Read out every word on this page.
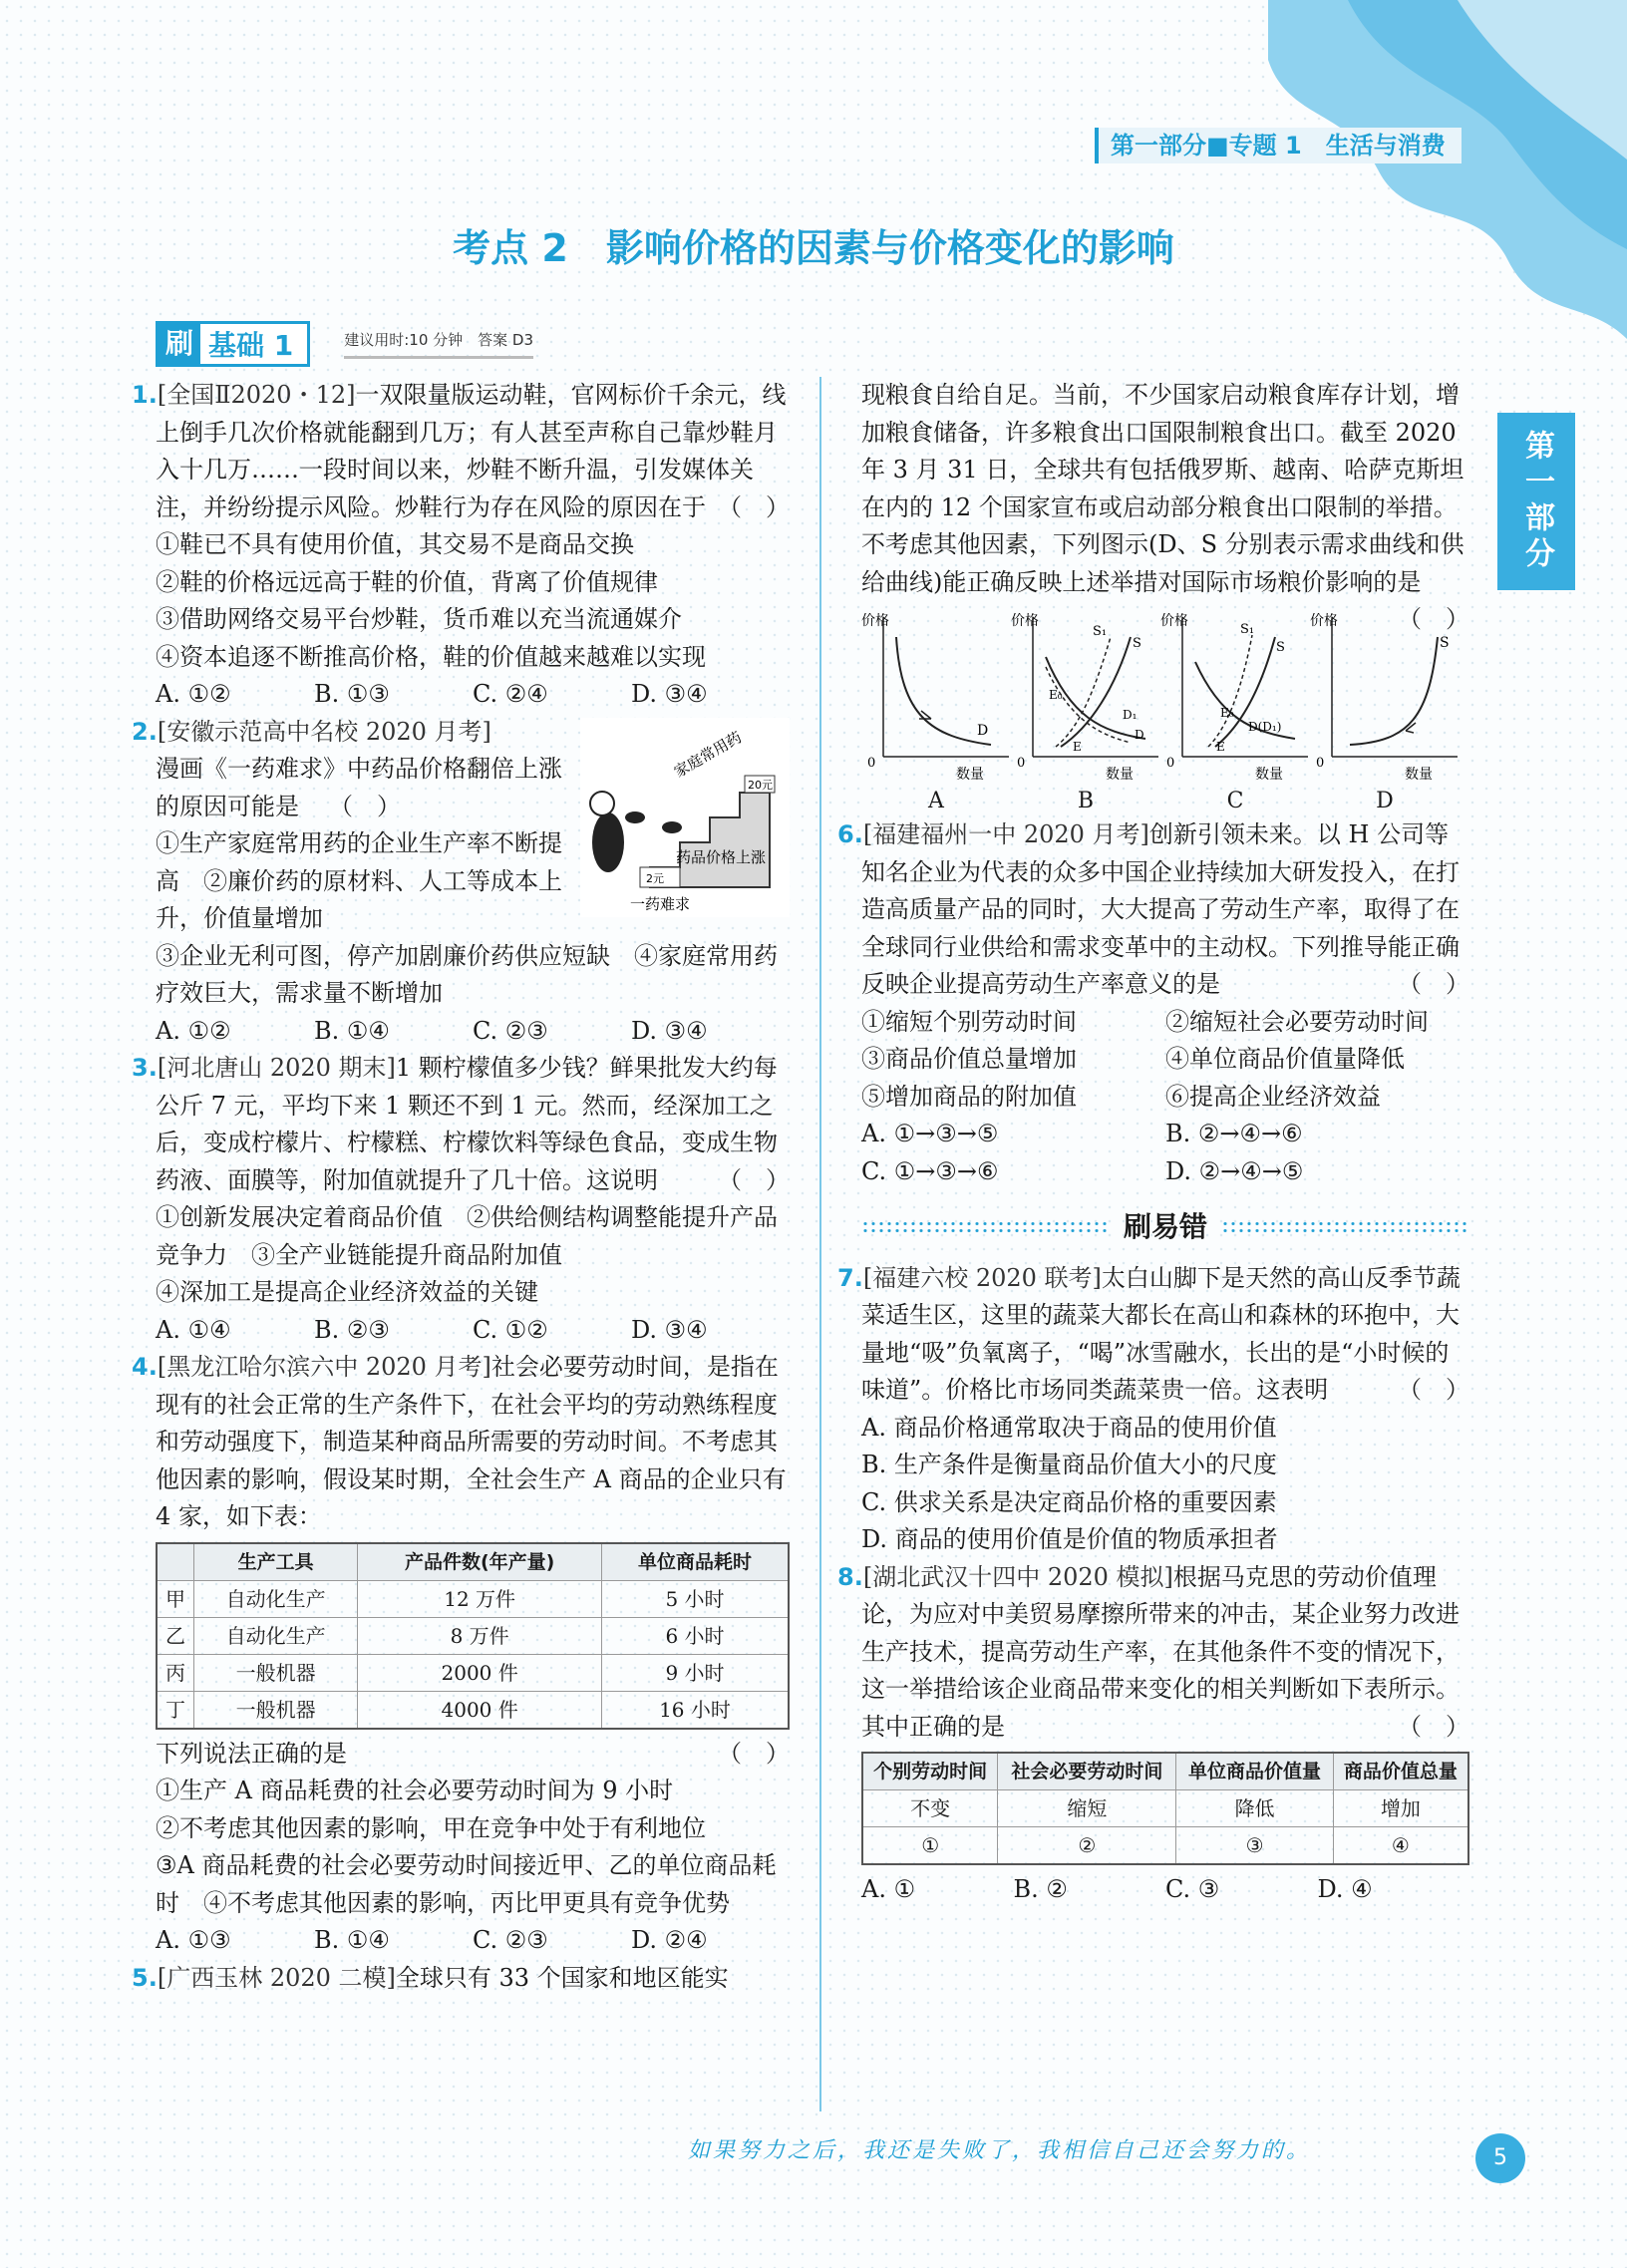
第一部分■专题 1　生活与消费
第一部分
考点 2　影响价格的因素与价格变化的影响
刷 基础 1	建议用时:10 分钟　答案 D3
1.[全国Ⅱ2020・12]一双限量版运动鞋，官网标价千余元，线上倒手几次价格就能翻到几万；有人甚至声称自己靠炒鞋月入十几万……一段时间以来，炒鞋不断升温，引发媒体关注，并纷纷提示风险。炒鞋行为存在风险的原因在于 （　）
①鞋已不具有使用价值，其交易不是商品交换
②鞋的价格远远高于鞋的价值，背离了价值规律
③借助网络交易平台炒鞋，货币难以充当流通媒介
④资本追逐不断推高价格，鞋的价值越来越难以实现
A. ①②	B. ①③	C. ②④	D. ③④
2元
20元
药品价格上涨
家庭常用药
一药难求
2.[安徽示范高中名校 2020 月考]
漫画《一药难求》中药品价格翻倍上涨的原因可能是 （　）
①生产家庭常用药的企业生产率不断提高　②廉价药的原材料、人工等成本上升，价值量增加
③企业无利可图，停产加剧廉价药供应短缺　④家庭常用药疗效巨大，需求量不断增加
A. ①②	B. ①④	C. ②③	D. ③④
3.[河北唐山 2020 期末]1 颗柠檬值多少钱？鲜果批发大约每公斤 7 元，平均下来 1 颗还不到 1 元。然而，经深加工之后，变成柠檬片、柠檬糕、柠檬饮料等绿色食品，变成生物药液、面膜等，附加值就提升了几十倍。这说明	（　）
①创新发展决定着商品价值　②供给侧结构调整能提升产品竞争力　③全产业链能提升商品附加值
④深加工是提高企业经济效益的关键
A. ①④	B. ②③	C. ①②	D. ③④
4.[黑龙江哈尔滨六中 2020 月考]社会必要劳动时间，是指在现有的社会正常的生产条件下，在社会平均的劳动熟练程度和劳动强度下，制造某种商品所需要的劳动时间。不考虑其他因素的影响，假设某时期，全社会生产 A 商品的企业只有 4 家，如下表：
	生产工具	产品件数(年产量)	单位商品耗时
甲	自动化生产	12 万件	5 小时
乙	自动化生产	8 万件	6 小时
丙	一般机器	2000 件	9 小时
丁	一般机器	4000 件	16 小时
下列说法正确的是	（　）
①生产 A 商品耗费的社会必要劳动时间为 9 小时
②不考虑其他因素的影响，甲在竞争中处于有利地位
③A 商品耗费的社会必要劳动时间接近甲、乙的单位商品耗时　④不考虑其他因素的影响，丙比甲更具有竞争优势
A. ①③	B. ①④	C. ②③	D. ②④
5.[广西玉林 2020 二模]全球只有 33 个国家和地区能实
现粮食自给自足。当前，不少国家启动粮食库存计划，增加粮食储备，许多粮食出口国限制粮食出口。截至 2020 年 3 月 31 日，全球共有包括俄罗斯、越南、哈萨克斯坦在内的 12 个国家宣布或启动部分粮食出口限制的举措。不考虑其他因素，下列图示(D、S 分别表示需求曲线和供给曲线)能正确反映上述举措对国际市场粮价影响的是
（　）
价格
数量
0
D
A
价格
数量
0
S₁
S
E₀
D₁
D
E
B
价格
数量
0
S₁
S
E₀
D(D₁)
E
C
价格
数量
0
S
D
6.[福建福州一中 2020 月考]创新引领未来。以 H 公司等知名企业为代表的众多中国企业持续加大研发投入，在打造高质量产品的同时，大大提高了劳动生产率，取得了在全球同行业供给和需求变革中的主动权。下列推导能正确反映企业提高劳动生产率意义的是	（　）
①缩短个别劳动时间	②缩短社会必要劳动时间
③商品价值总量增加	④单位商品价值量降低
⑤增加商品的附加值	⑥提高企业经济效益
A. ①→③→⑤	B. ②→④→⑥
C. ①→③→⑥	D. ②→④→⑤
刷易错
7.[福建六校 2020 联考]太白山脚下是天然的高山反季节蔬菜适生区，这里的蔬菜大都长在高山和森林的环抱中，大量地“吸”负氧离子，“喝”冰雪融水，长出的是“小时候的味道”。价格比市场同类蔬菜贵一倍。这表明	（　）
A. 商品价格通常取决于商品的使用价值
B. 生产条件是衡量商品价值大小的尺度
C. 供求关系是决定商品价格的重要因素
D. 商品的使用价值是价值的物质承担者
8.[湖北武汉十四中 2020 模拟]根据马克思的劳动价值理论，为应对中美贸易摩擦所带来的冲击，某企业努力改进生产技术，提高劳动生产率，在其他条件不变的情况下，这一举措给该企业商品带来变化的相关判断如下表所示。其中正确的是	（　）
个别劳动时间	社会必要劳动时间	单位商品价值量	商品价值总量
不变	缩短	降低	增加
①	②	③	④
A. ①	B. ②	C. ③	D. ④
如果努力之后，我还是失败了，我相信自己还会努力的。	5
